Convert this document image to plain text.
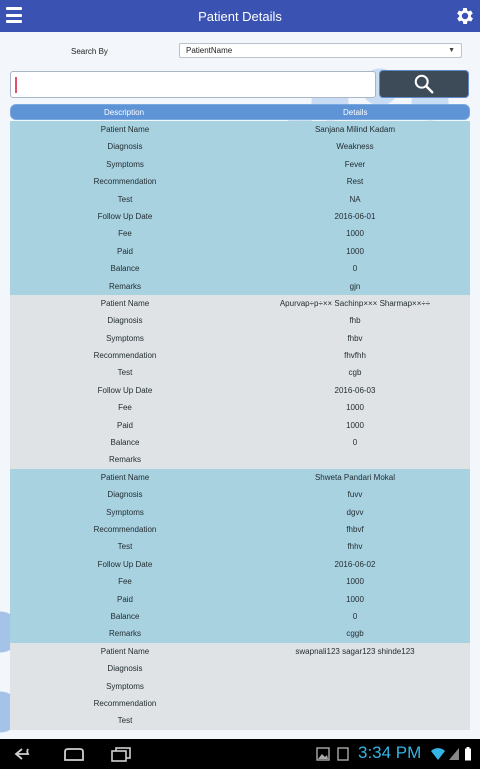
Patient Details
Search By	PatientName	▼
Description	Details
Patient Name	Sanjana Milind Kadam
Diagnosis	Weakness
Symptoms	Fever
Recommendation	Rest
Test	NA
Follow Up Date	2016-06-01
Fee	1000
Paid	1000
Balance	0
Remarks	gjn
Patient Name	Apurvap÷p÷×× Sachinp××× Sharmap××÷÷
Diagnosis	fhb
Symptoms	fhbv
Recommendation	fhvfhh
Test	cgb
Follow Up Date	2016-06-03
Fee	1000
Paid	1000
Balance	0
Remarks
Patient Name	Shweta Pandari Mokal
Diagnosis	fuvv
Symptoms	dgvv
Recommendation	fhbvf
Test	fhhv
Follow Up Date	2016-06-02
Fee	1000
Paid	1000
Balance	0
Remarks	cggb
Patient Name	swapnali123 sagar123 shinde123
Diagnosis
Symptoms
Recommendation
Test
3:34 PM
